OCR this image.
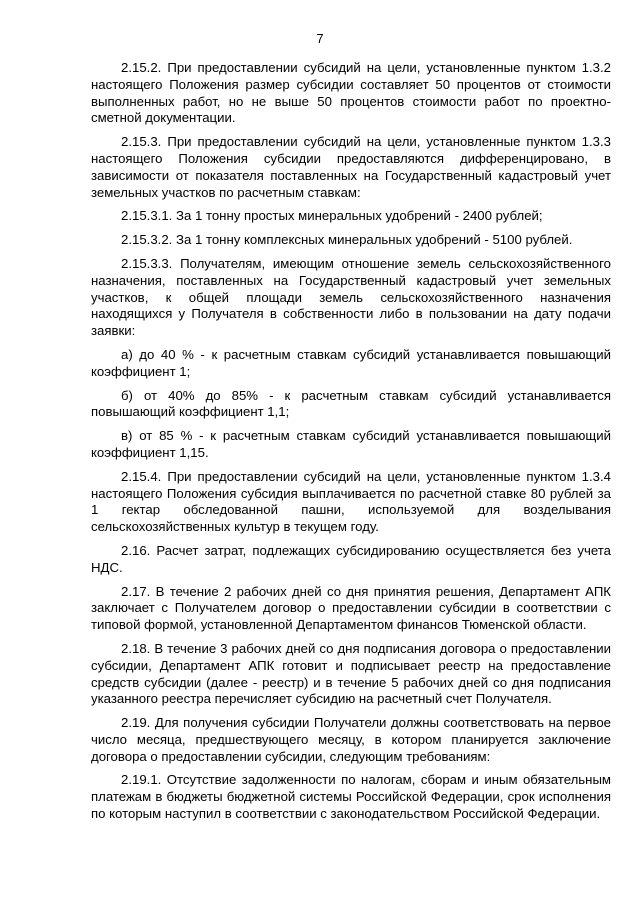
7

2.15.2. При предоставлении субсидий на цели, установленные пунктом 1.3.2 настоящего Положения размер субсидии составляет 50 процентов от стоимости выполненных работ, но не выше 50 процентов стоимости работ по проектно-сметной документации.

2.15.3. При предоставлении субсидий на цели, установленные пунктом 1.3.3 настоящего Положения субсидии предоставляются дифференцировано, в зависимости от показателя поставленных на Государственный кадастровый учет земельных участков по расчетным ставкам:

2.15.3.1. За 1 тонну простых минеральных удобрений - 2400 рублей;

2.15.3.2. За 1 тонну комплексных минеральных удобрений - 5100 рублей.

2.15.3.3. Получателям, имеющим отношение земель сельскохозяйственного назначения, поставленных на Государственный кадастровый учет земельных участков, к общей площади земель сельскохозяйственного назначения находящихся у Получателя в собственности либо в пользовании на дату подачи заявки:

а) до 40 % - к расчетным ставкам субсидий устанавливается повышающий коэффициент 1;

б) от 40% до 85% - к расчетным ставкам субсидий устанавливается повышающий коэффициент 1,1;

в) от 85 % - к расчетным ставкам субсидий устанавливается повышающий коэффициент 1,15.

2.15.4. При предоставлении субсидий на цели, установленные пунктом 1.3.4 настоящего Положения субсидия выплачивается по расчетной ставке 80 рублей за 1 гектар обследованной пашни, используемой для возделывания сельскохозяйственных культур в текущем году.

2.16. Расчет затрат, подлежащих субсидированию осуществляется без учета НДС.

2.17. В течение 2 рабочих дней со дня принятия решения, Департамент АПК заключает с Получателем договор о предоставлении субсидии в соответствии с типовой формой, установленной Департаментом финансов Тюменской области.

2.18. В течение 3 рабочих дней со дня подписания договора о предоставлении субсидии, Департамент АПК готовит и подписывает реестр на предоставление средств субсидии (далее - реестр) и в течение 5 рабочих дней со дня подписания указанного реестра перечисляет субсидию на расчетный счет Получателя.

2.19. Для получения субсидии Получатели должны соответствовать на первое число месяца, предшествующего месяцу, в котором планируется заключение договора о предоставлении субсидии, следующим требованиям:

2.19.1. Отсутствие задолженности по налогам, сборам и иным обязательным платежам в бюджеты бюджетной системы Российской Федерации, срок исполнения по которым наступил в соответствии с законодательством Российской Федерации.
